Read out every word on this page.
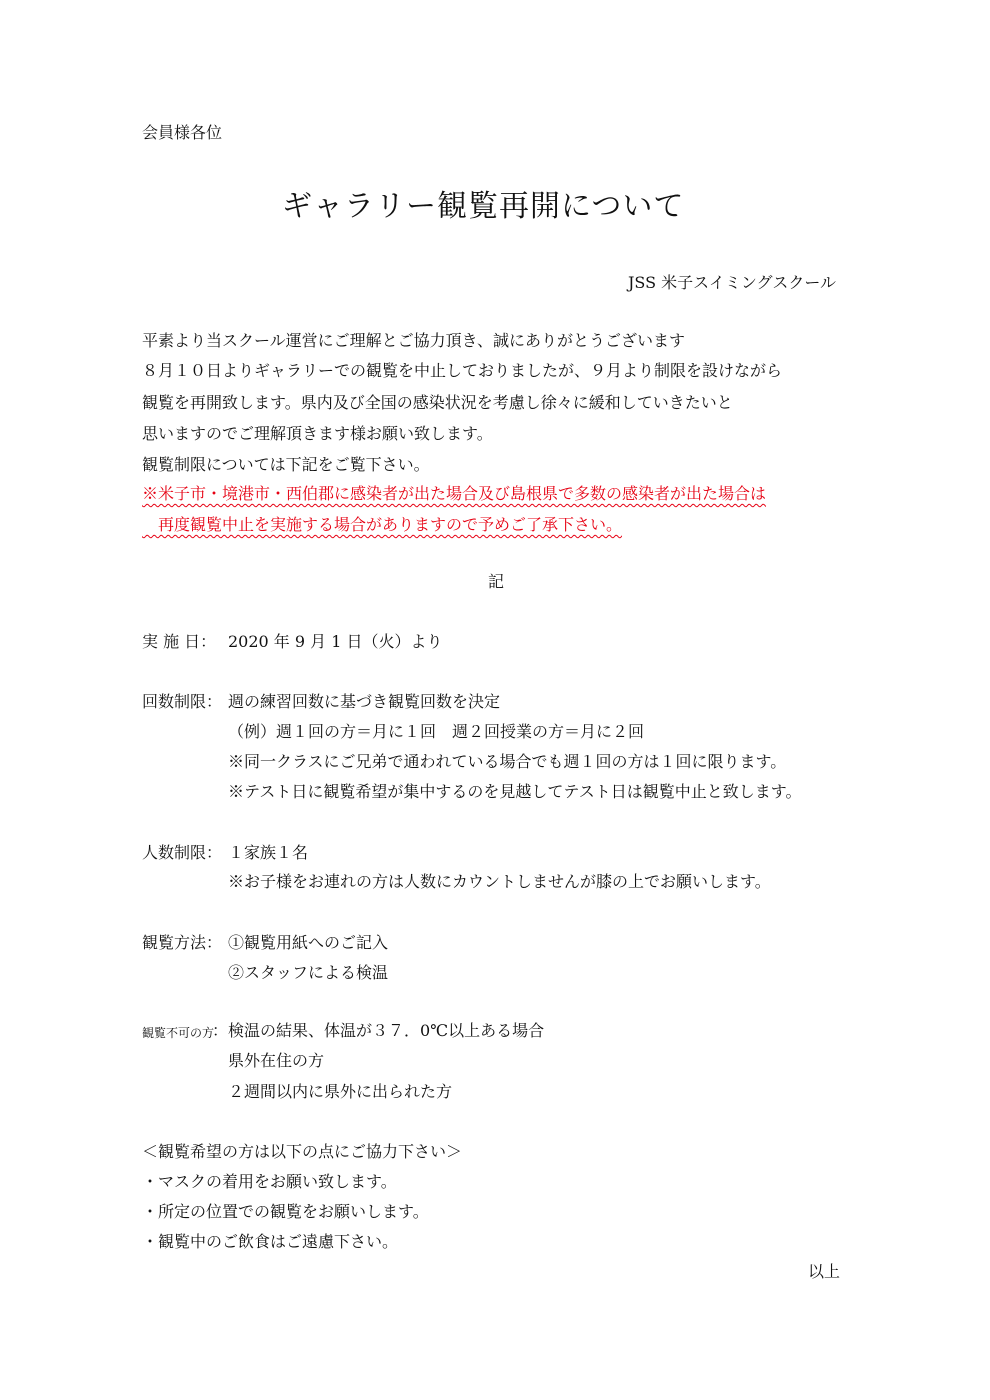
会員様各位
ギャラリー観覧再開について
JSS 米子スイミングスクール
平素より当スクール運営にご理解とご協力頂き、誠にありがとうございます
８月１０日よりギャラリーでの観覧を中止しておりましたが、９月より制限を設けながら
観覧を再開致します。県内及び全国の感染状況を考慮し徐々に緩和していきたいと
思いますのでご理解頂きます様お願い致します。
観覧制限については下記をご覧下さい。
※米子市・境港市・西伯郡に感染者が出た場合及び島根県で多数の感染者が出た場合は
　再度観覧中止を実施する場合がありますので予めご了承下さい。
記
実 施 日： 2020 年 9 月 1 日（火）より
回数制限： 週の練習回数に基づき観覧回数を決定
（例）週１回の方＝月に１回　週２回授業の方＝月に２回
※同一クラスにご兄弟で通われている場合でも週１回の方は１回に限ります。
※テスト日に観覧希望が集中するのを見越してテスト日は観覧中止と致します。
人数制限： １家族１名
※お子様をお連れの方は人数にカウントしませんが膝の上でお願いします。
観覧方法： ①観覧用紙へのご記入
②スタッフによる検温
観覧不可の方
： 検温の結果、体温が３７．0℃以上ある場合
県外在住の方
２週間以内に県外に出られた方
＜観覧希望の方は以下の点にご協力下さい＞
・マスクの着用をお願い致します。
・所定の位置での観覧をお願いします。
・観覧中のご飲食はご遠慮下さい。
以上
